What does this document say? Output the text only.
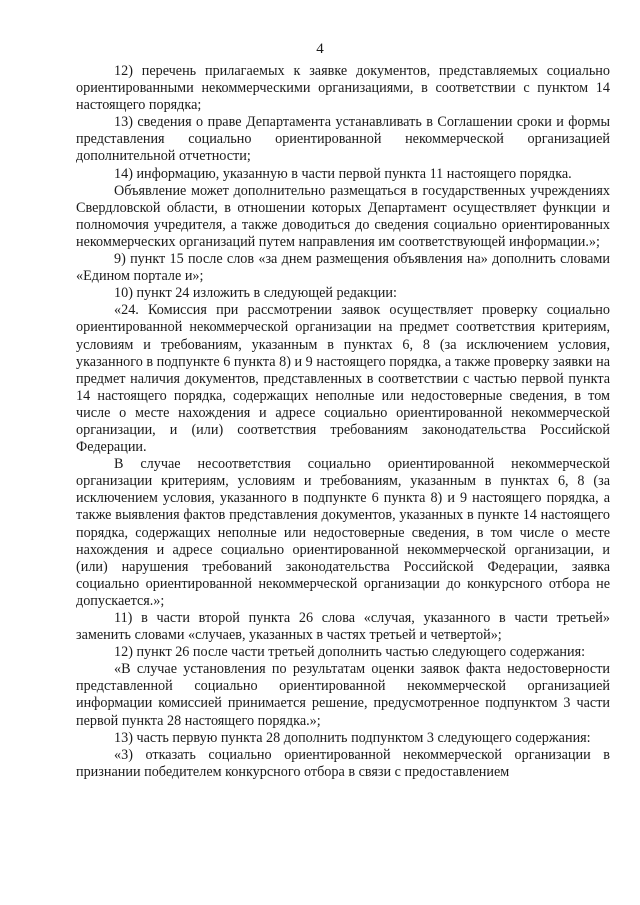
4

12) перечень прилагаемых к заявке документов, представляемых социально ориентированными некоммерческими организациями, в соответствии с пунктом 14 настоящего порядка;

13) сведения о праве Департамента устанавливать в Соглашении сроки и формы представления социально ориентированной некоммерческой организацией дополнительной отчетности;

14) информацию, указанную в части первой пункта 11 настоящего порядка.

Объявление может дополнительно размещаться в государственных учреждениях Свердловской области, в отношении которых Департамент осуществляет функции и полномочия учредителя, а также доводиться до сведения социально ориентированных некоммерческих организаций путем направления им соответствующей информации.»;

9) пункт 15 после слов «за днем размещения объявления на» дополнить словами «Едином портале и»;

10) пункт 24 изложить в следующей редакции:

«24. Комиссия при рассмотрении заявок осуществляет проверку социально ориентированной некоммерческой организации на предмет соответствия критериям, условиям и требованиям, указанным в пунктах 6, 8 (за исключением условия, указанного в подпункте 6 пункта 8) и 9 настоящего порядка, а также проверку заявки на предмет наличия документов, представленных в соответствии с частью первой пункта 14 настоящего порядка, содержащих неполные или недостоверные сведения, в том числе о месте нахождения и адресе социально ориентированной некоммерческой организации, и (или) соответствия требованиям законодательства Российской Федерации.

В случае несоответствия социально ориентированной некоммерческой организации критериям, условиям и требованиям, указанным в пунктах 6, 8 (за исключением условия, указанного в подпункте 6 пункта 8) и 9 настоящего порядка, а также выявления фактов представления документов, указанных в пункте 14 настоящего порядка, содержащих неполные или недостоверные сведения, в том числе о месте нахождения и адресе социально ориентированной некоммерческой организации, и (или) нарушения требований законодательства Российской Федерации, заявка социально ориентированной некоммерческой организации до конкурсного отбора не допускается.»;

11) в части второй пункта 26 слова «случая, указанного в части третьей» заменить словами «случаев, указанных в частях третьей и четвертой»;

12) пункт 26 после части третьей дополнить частью следующего содержания:

«В случае установления по результатам оценки заявок факта недостоверности представленной социально ориентированной некоммерческой организацией информации комиссией принимается решение, предусмотренное подпунктом 3 части первой пункта 28 настоящего порядка.»;

13) часть первую пункта 28 дополнить подпунктом 3 следующего содержания:

«3) отказать социально ориентированной некоммерческой организации в признании победителем конкурсного отбора в связи с предоставлением
